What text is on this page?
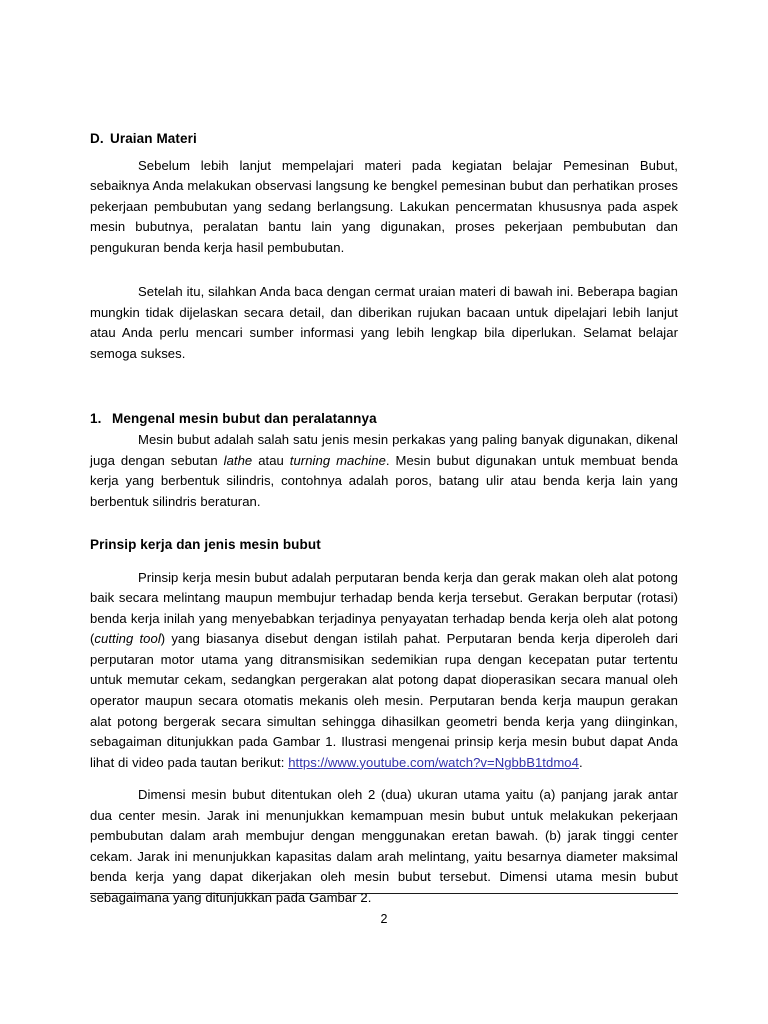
D. Uraian Materi

Sebelum lebih lanjut mempelajari materi pada kegiatan belajar Pemesinan Bubut, sebaiknya Anda melakukan observasi langsung ke bengkel pemesinan bubut dan perhatikan proses pekerjaan pembubutan yang sedang berlangsung. Lakukan pencermatan khususnya pada aspek mesin bubutnya, peralatan bantu lain yang digunakan, proses pekerjaan pembubutan dan pengukuran benda kerja hasil pembubutan.

Setelah itu, silahkan Anda baca dengan cermat uraian materi di bawah ini. Beberapa bagian mungkin tidak dijelaskan secara detail, dan diberikan rujukan bacaan untuk dipelajari lebih lanjut atau Anda perlu mencari sumber informasi yang lebih lengkap bila diperlukan. Selamat belajar semoga sukses.

1. Mengenal mesin bubut dan peralatannya

Mesin bubut adalah salah satu jenis mesin perkakas yang paling banyak digunakan, dikenal juga dengan sebutan lathe atau turning machine. Mesin bubut digunakan untuk membuat benda kerja yang berbentuk silindris, contohnya adalah poros, batang ulir atau benda kerja lain yang berbentuk silindris beraturan.

Prinsip kerja dan jenis mesin bubut

Prinsip kerja mesin bubut adalah perputaran benda kerja dan gerak makan oleh alat potong baik secara melintang maupun membujur terhadap benda kerja tersebut. Gerakan berputar (rotasi) benda kerja inilah yang menyebabkan terjadinya penyayatan terhadap benda kerja oleh alat potong (cutting tool) yang biasanya disebut dengan istilah pahat. Perputaran benda kerja diperoleh dari perputaran motor utama yang ditransmisikan sedemikian rupa dengan kecepatan putar tertentu untuk memutar cekam, sedangkan pergerakan alat potong dapat dioperasikan secara manual oleh operator maupun secara otomatis mekanis oleh mesin. Perputaran benda kerja maupun gerakan alat potong bergerak secara simultan sehingga dihasilkan geometri benda kerja yang diinginkan, sebagaiman ditunjukkan pada Gambar 1. Ilustrasi mengenai prinsip kerja mesin bubut dapat Anda lihat di video pada tautan berikut: https://www.youtube.com/watch?v=NgbbB1tdmo4.

Dimensi mesin bubut ditentukan oleh 2 (dua) ukuran utama yaitu (a) panjang jarak antar dua center mesin. Jarak ini menunjukkan kemampuan mesin bubut untuk melakukan pekerjaan pembubutan dalam arah membujur dengan menggunakan eretan bawah. (b) jarak tinggi center cekam. Jarak ini menunjukkan kapasitas dalam arah melintang, yaitu besarnya diameter maksimal benda kerja yang dapat dikerjakan oleh mesin bubut tersebut. Dimensi utama mesin bubut sebagaimana yang ditunjukkan pada Gambar 2.

2
